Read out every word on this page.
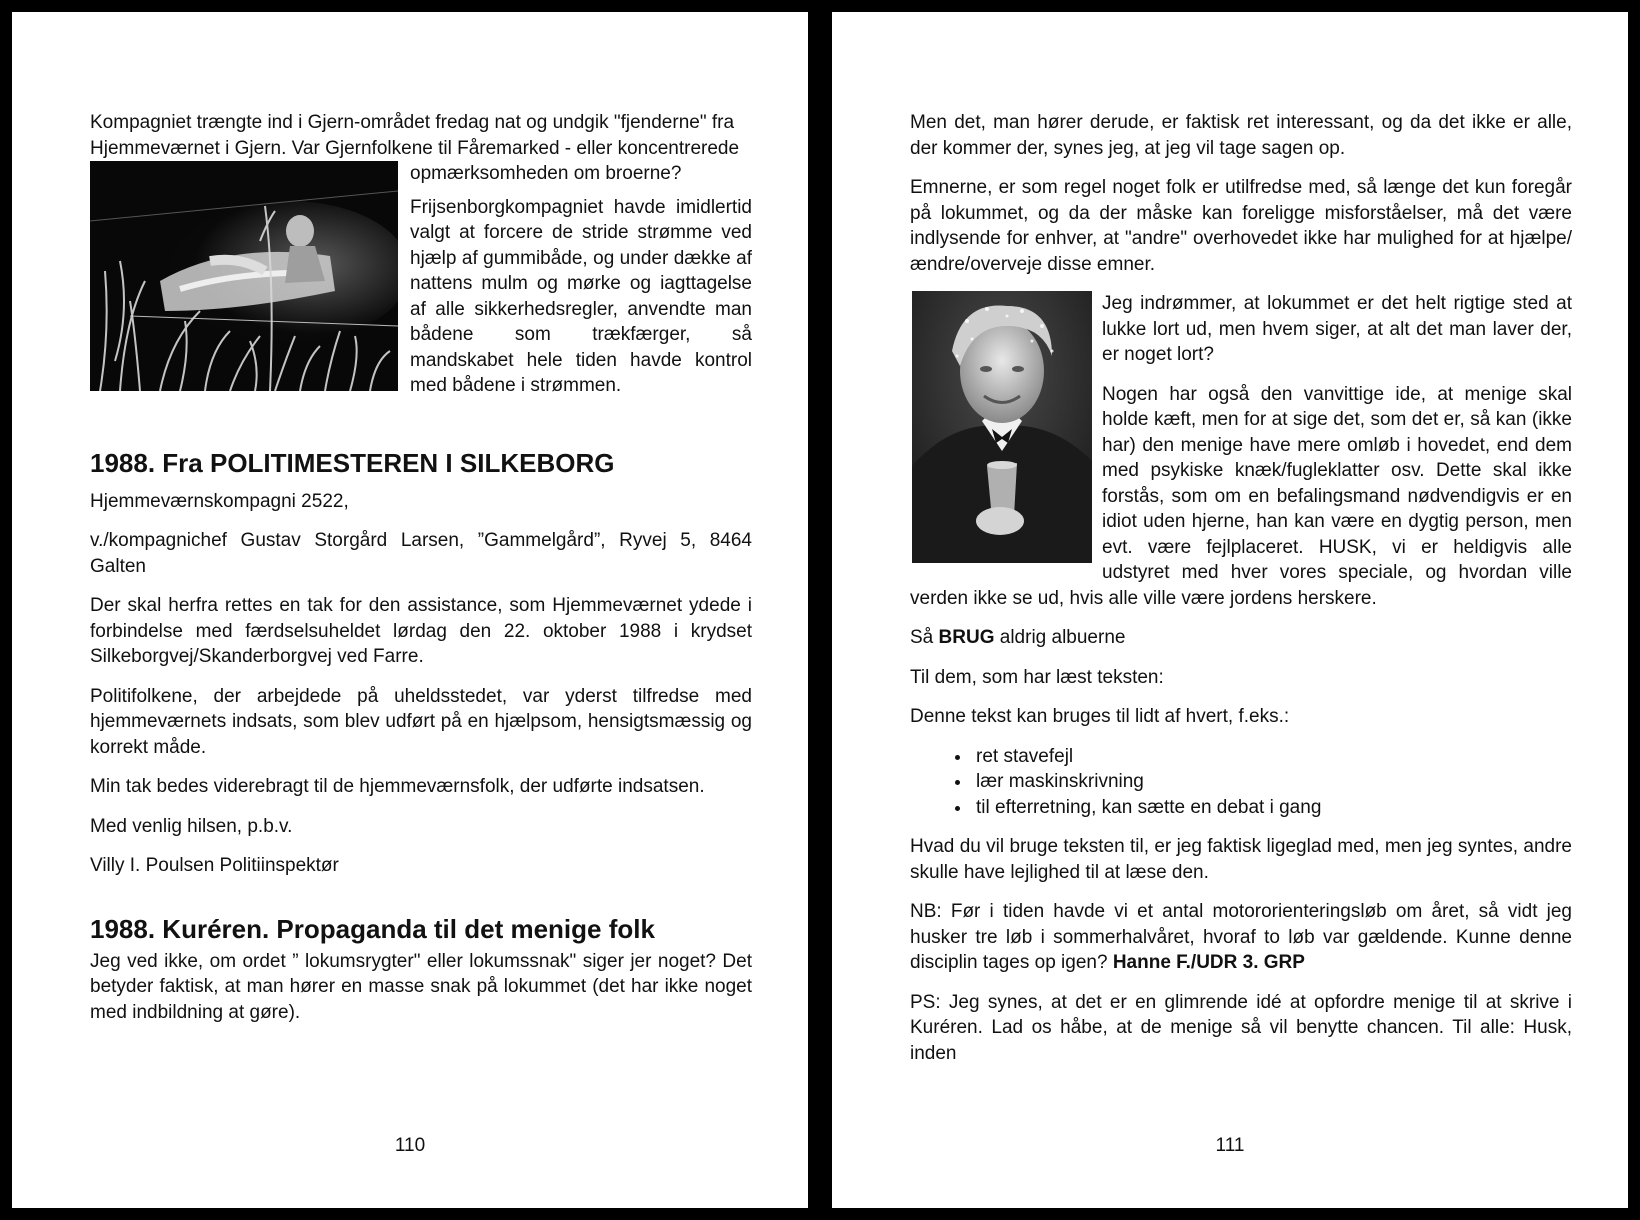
Kompagniet trængte ind i Gjern-området fredag nat og undgik "fjenderne" fra Hjemmeværnet i Gjern. Var Gjernfolkene til Fåremarked - eller koncentrerede

opmærksomheden om broerne?

Frijsenborgkompagniet havde imidlertid valgt at forcere de stride strømme ved hjælp af gummibåde, og under dække af nattens mulm og mørke og iagttagelse af alle sikkerhedsregler, anvendte man bådene som trækfærger, så mandskabet hele tiden havde kontrol med bådene i strømmen.

1988. Fra POLITIMESTEREN I SILKEBORG

Hjemmeværnskompagni 2522,

v./kompagnichef Gustav Storgård Larsen, ”Gammelgård”, Ryvej 5, 8464 Galten

Der skal herfra rettes en tak for den assistance, som Hjemmeværnet ydede i forbindelse med færdselsuheldet lørdag den 22. oktober 1988 i krydset Silkeborgvej/Skanderborgvej ved Farre.

Politifolkene, der arbejdede på uheldsstedet, var yderst tilfredse med hjemmeværnets indsats, som blev udført på en hjælpsom, hensigtsmæssig og korrekt måde.

Min tak bedes viderebragt til de hjemmeværnsfolk, der udførte indsatsen.

Med venlig hilsen, p.b.v.

Villy I. Poulsen Politiinspektør

1988. Kuréren. Propaganda til det menige folk

Jeg ved ikke, om ordet ” lokumsrygter" eller lokumssnak" siger jer noget? Det betyder faktisk, at man hører en masse snak på lokummet (det har ikke noget med indbildning at gøre).

110

Men det, man hører derude, er faktisk ret interessant, og da det ikke er alle, der kommer der, synes jeg, at jeg vil tage sagen op.

Emnerne, er som regel noget folk er utilfredse med, så længe det kun foregår på lokummet, og da der måske kan foreligge misforståelser, må det være indlysende for enhver, at "andre" overhovedet ikke har mulighed for at hjælpe/ændre/overveje disse emner.

Jeg indrømmer, at lokummet er det helt rigtige sted at lukke lort ud, men hvem siger, at alt det man laver der, er noget lort?

Nogen har også den vanvittige ide, at menige skal holde kæft, men for at sige det, som det er, så kan (ikke har) den menige have mere omløb i hovedet, end dem med psykiske knæk/fugleklatter osv. Dette skal ikke forstås, som om en befalingsmand nødvendigvis er en idiot uden hjerne, han kan være en dygtig person, men evt. være fejlplaceret. HUSK, vi er heldigvis alle udstyret med hver vores speciale, og hvordan ville verden ikke se ud, hvis alle ville være jordens herskere.

Så BRUG aldrig albuerne

Til dem, som har læst teksten:

Denne tekst kan bruges til lidt af hvert, f.eks.:

• ret stavefejl
• lær maskinskrivning
• til efterretning, kan sætte en debat i gang

Hvad du vil bruge teksten til, er jeg faktisk ligeglad med, men jeg syntes, andre skulle have lejlighed til at læse den.

NB: Før i tiden havde vi et antal motororienteringsløb om året, så vidt jeg husker tre løb i sommerhalvåret, hvoraf to løb var gældende. Kunne denne disciplin tages op igen? Hanne F./UDR 3. GRP

PS: Jeg synes, at det er en glimrende idé at opfordre menige til at skrive i Kuréren. Lad os håbe, at de menige så vil benytte chancen. Til alle: Husk, inden

111
